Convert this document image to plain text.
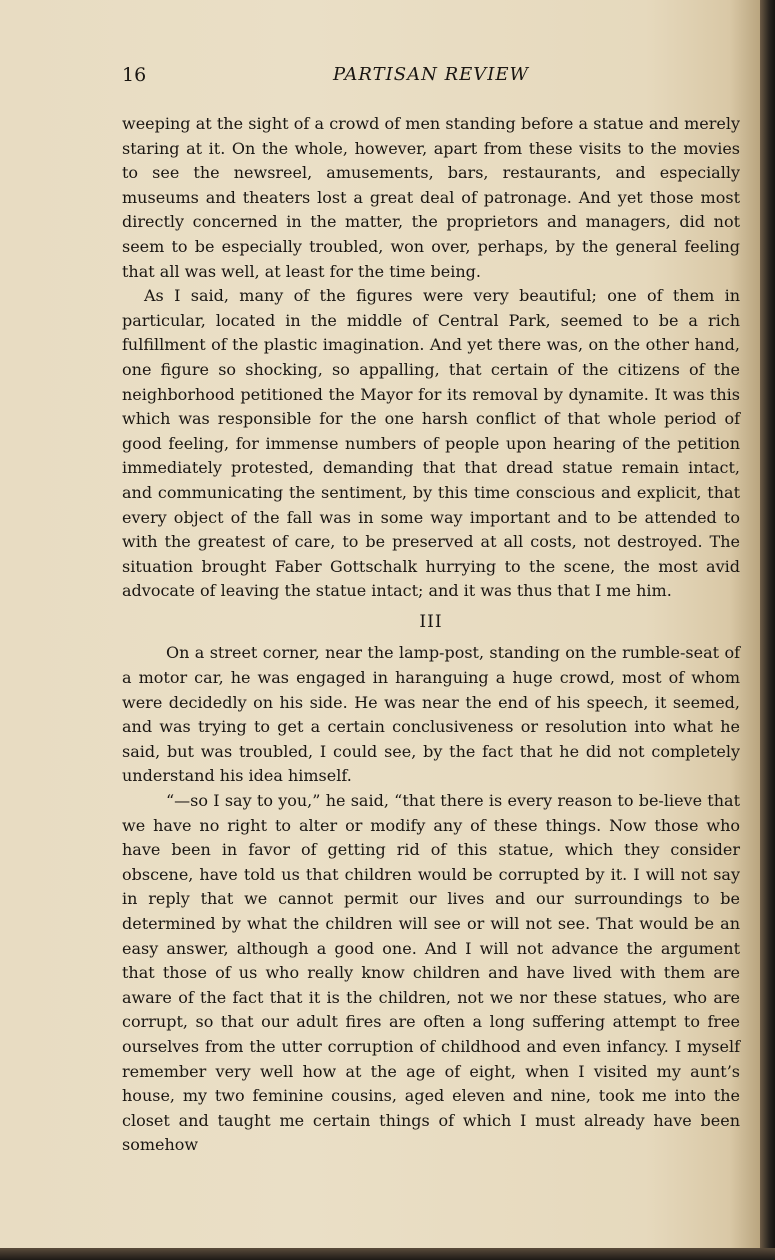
16	PARTISAN REVIEW

weeping at the sight of a crowd of men standing before a statue and merely staring at it. On the whole, however, apart from these visits to the movies to see the newsreel, amusements, bars, restaurants, and especially museums and theaters lost a great deal of patronage. And yet those most directly concerned in the matter, the proprietors and managers, did not seem to be especially troubled, won over, perhaps, by the general feeling that all was well, at least for the time being.

As I said, many of the figures were very beautiful; one of them in particular, located in the middle of Central Park, seemed to be a rich fulfillment of the plastic imagination. And yet there was, on the other hand, one figure so shocking, so appalling, that certain of the citizens of the neighborhood petitioned the Mayor for its removal by dynamite. It was this which was responsible for the one harsh conflict of that whole period of good feeling, for immense numbers of people upon hearing of the petition immediately protested, demanding that that dread statue remain intact, and communicating the sentiment, by this time conscious and explicit, that every object of the fall was in some way important and to be attended to with the greatest of care, to be preserved at all costs, not destroyed. The situation brought Faber Gottschalk hurrying to the scene, the most avid advocate of leaving the statue intact; and it was thus that I me him.

III

On a street corner, near the lamp-post, standing on the rumble-seat of a motor car, he was engaged in haranguing a huge crowd, most of whom were decidedly on his side. He was near the end of his speech, it seemed, and was trying to get a certain conclusiveness or resolution into what he said, but was troubled, I could see, by the fact that he did not completely understand his idea himself.

“—so I say to you,” he said, “that there is every reason to be-lieve that we have no right to alter or modify any of these things. Now those who have been in favor of getting rid of this statue, which they consider obscene, have told us that children would be corrupted by it. I will not say in reply that we cannot permit our lives and our surroundings to be determined by what the children will see or will not see. That would be an easy answer, although a good one. And I will not advance the argument that those of us who really know children and have lived with them are aware of the fact that it is the children, not we nor these statues, who are corrupt, so that our adult fires are often a long suffering attempt to free ourselves from the utter corruption of childhood and even infancy. I myself remember very well how at the age of eight, when I visited my aunt’s house, my two feminine cousins, aged eleven and nine, took me into the closet and taught me certain things of which I must already have been somehow
